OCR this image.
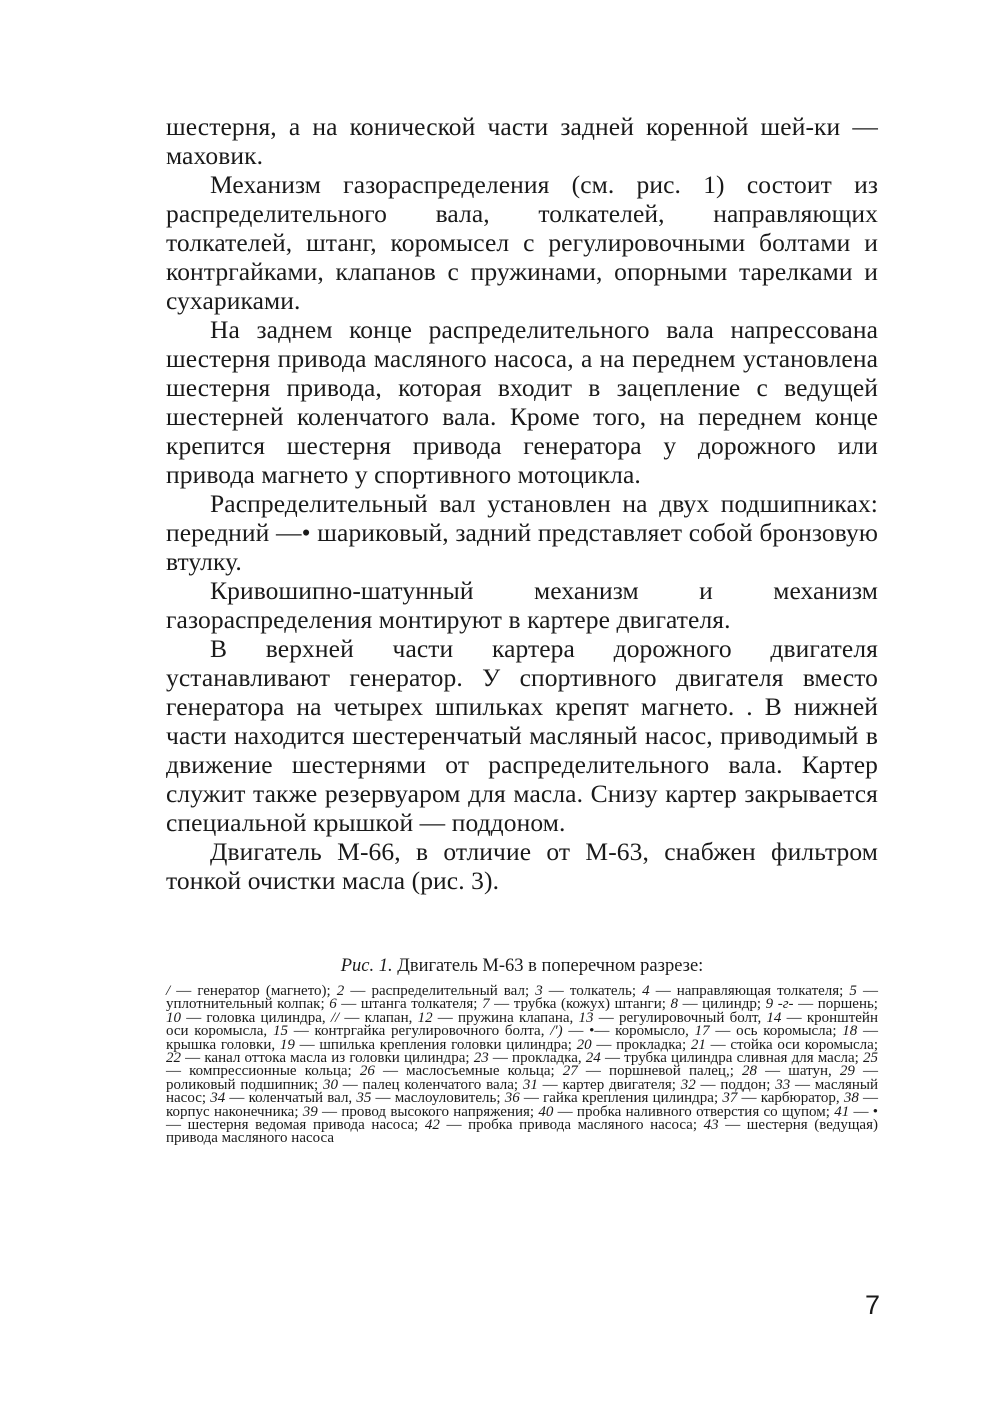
шестерня, а на конической части задней коренной шей-ки — маховик.

Механизм газораспределения (см. рис. 1) состоит из распределительного вала, толкателей, направляющих толкателей, штанг, коромысел с регулировочными болтами и контргайками, клапанов с пружинами, опорными тарелками и сухариками.

На заднем конце распределительного вала напрессована шестерня привода масляного насоса, а на переднем установлена шестерня привода, которая входит в зацепление с ведущей шестерней коленчатого вала. Кроме того, на переднем конце крепится шестерня привода генератора у дорожного или привода магнето у спортивного мотоцикла.

Распределительный вал установлен на двух подшипниках: передний —• шариковый, задний представляет собой бронзовую втулку.

Кривошипно-шатунный механизм и механизм газораспределения монтируют в картере двигателя.

В верхней части картера дорожного двигателя устанавливают генератор. У спортивного двигателя вместо генератора на четырех шпильках крепят магнето. . В нижней части находится шестеренчатый масляный насос, приводимый в движение шестернями от распределительного вала. Картер служит также резервуаром для масла. Снизу картер закрывается специальной крышкой — поддоном.

Двигатель М-66, в отличие от М-63, снабжен фильтром тонкой очистки масла (рис. 3).

Рис. 1. Двигатель М-63 в поперечном разрезе:

/ — генератор (магнето); 2 — распределительный вал; 3 — толкатель; 4 — направляющая толкателя; 5 — уплотнительный колпак; 6 — штанга толкателя; 7 — трубка (кожух) штанги; 8 — цилиндр; 9 -г- — поршень; 10 — головка цилиндра, // — клапан, 12 — пружина клапана, 13 — регулировочный болт, 14 — кронштейн оси коромысла, 15 — контргайка регулировочного болта, /') — •— коромысло, 17 — ось коромысла; 18 — крышка головки, 19 — шпилька крепления головки цилиндра; 20 — прокладка; 21 — стойка оси коромысла; 22 — канал оттока масла из головки цилиндра; 23 — прокладка, 24 — трубка цилиндра сливная для масла; 25 — компрессионные кольца; 26 — маслосъемные кольца; 27 — поршневой палец,; 28 — шатун, 29 — роликовый подшипник; 30 — палец коленчатого вала; 31 — картер двигателя; 32 — поддон; 33 — масляный насос; 34 — коленчатый вал, 35 — маслоуловитель; 36 — гайка крепления цилиндра; 37 — карбюратор, 38 — корпус наконечника; 39 — провод высокого напряжения; 40 — пробка наливного отверстия со щупом; 41 — •— шестерня ведомая привода насоса; 42 — пробка привода масляного насоса; 43 — шестерня (ведущая) привода масляного насоса

7
